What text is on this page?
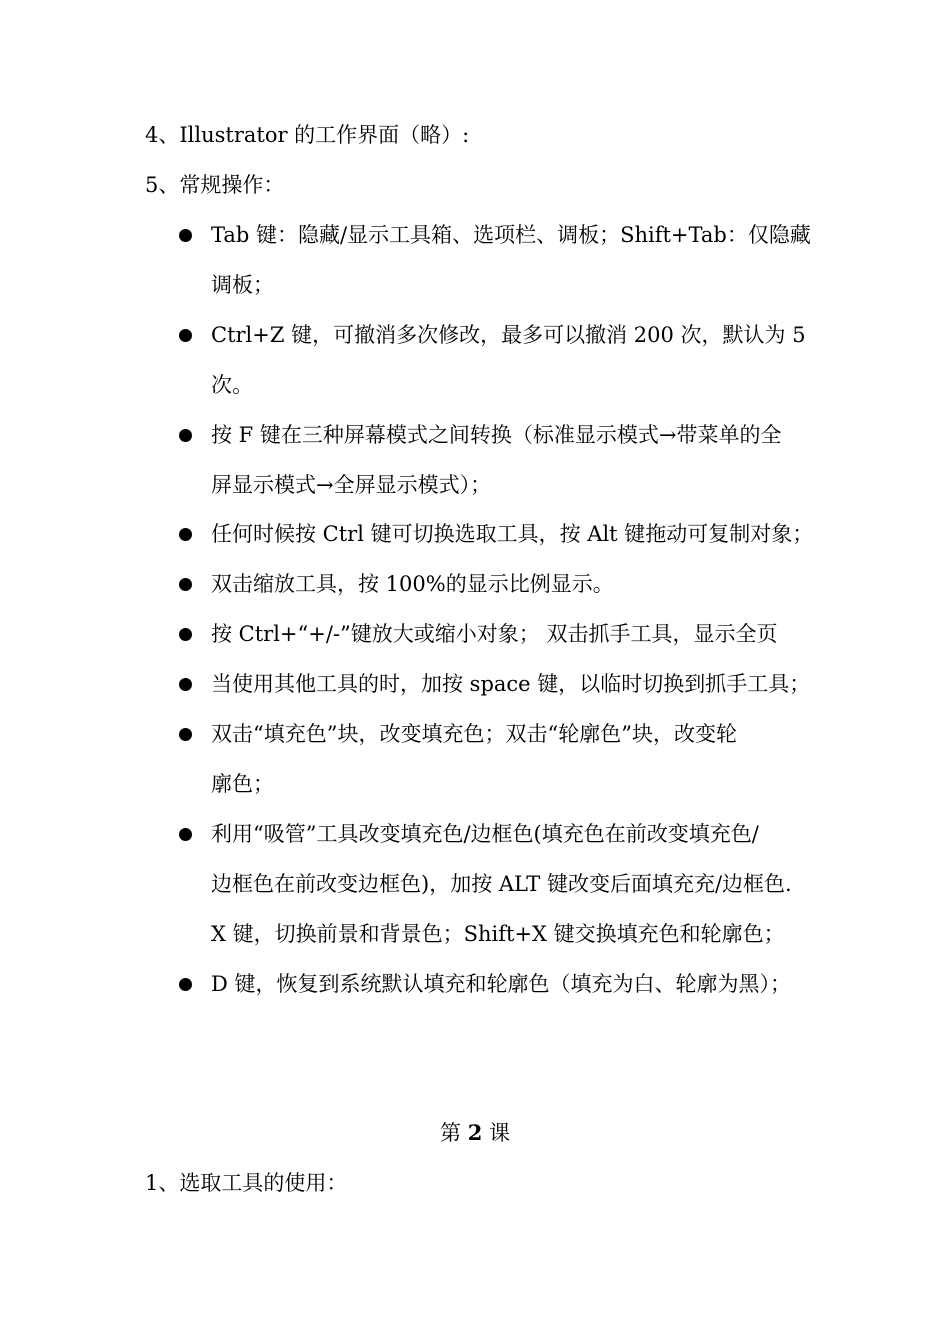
4、Illustrator 的工作界面（略）:
5、常规操作：
Tab 键：隐藏/显示工具箱、选项栏、调板；Shift+Tab：仅隐藏
调板；
Ctrl+Z 键，可撤消多次修改，最多可以撤消 200 次，默认为 5
次。
按 F 键在三种屏幕模式之间转换（标准显示模式→带菜单的全
屏显示模式→全屏显示模式）；
任何时候按 Ctrl 键可切换选取工具，按 Alt 键拖动可复制对象；
双击缩放工具，按 100%的显示比例显示。
按 Ctrl+“+/-”键放大或缩小对象； 双击抓手工具，显示全页
当使用其他工具的时，加按 space 键，以临时切换到抓手工具；
双击“填充色”块，改变填充色；双击“轮廓色”块，改变轮
廓色；
利用“吸管”工具改变填充色/边框色(填充色在前改变填充色/
边框色在前改变边框色)，加按 ALT 键改变后面填充充/边框色.
X 键，切换前景和背景色；Shift+X 键交换填充色和轮廓色；
D 键，恢复到系统默认填充和轮廓色（填充为白、轮廓为黑）；
第 2 课
1、选取工具的使用：
